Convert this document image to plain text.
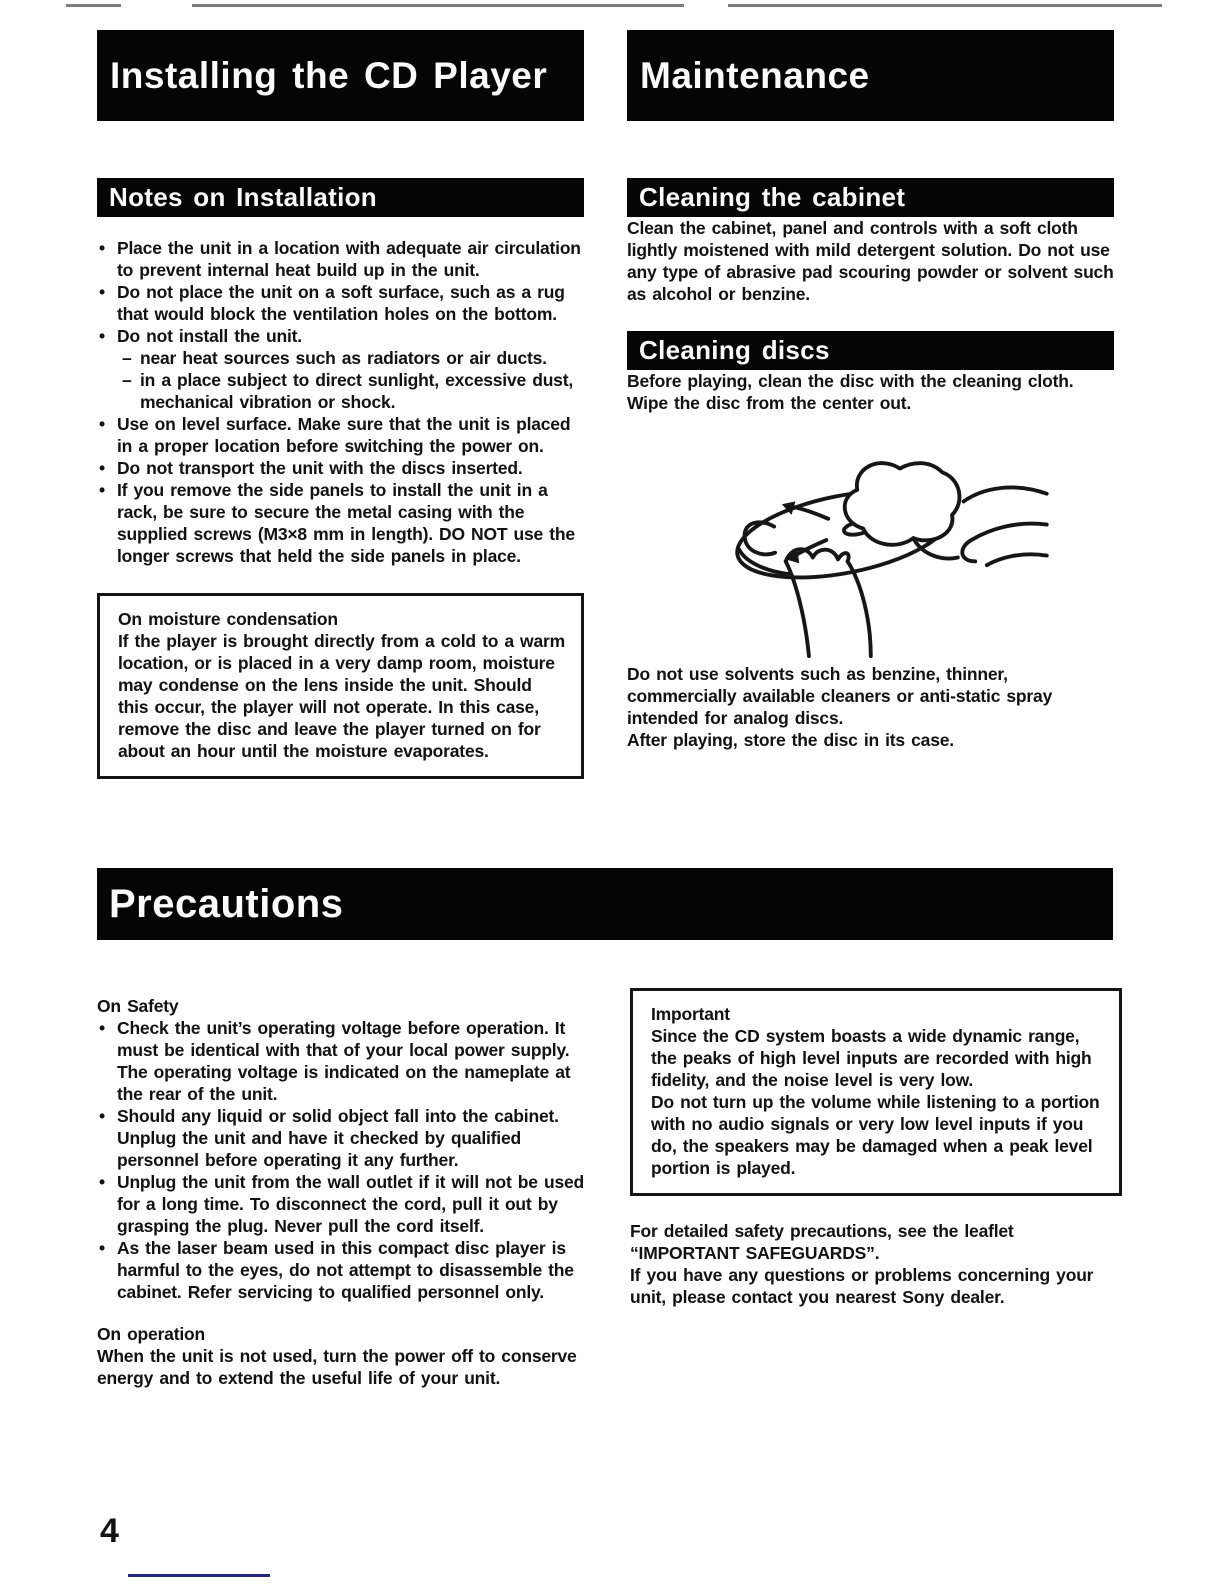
Installing the CD Player
Notes on Installation
• Place the unit in a location with adequate air circulation to prevent internal heat build up in the unit.
• Do not place the unit on a soft surface, such as a rug that would block the ventilation holes on the bottom.
• Do not install the unit.
– near heat sources such as radiators or air ducts.
– in a place subject to direct sunlight, excessive dust, mechanical vibration or shock.
• Use on level surface. Make sure that the unit is placed in a proper location before switching the power on.
• Do not transport the unit with the discs inserted.
• If you remove the side panels to install the unit in a rack, be sure to secure the metal casing with the supplied screws (M3×8 mm in length). DO NOT use the longer screws that held the side panels in place.
On moisture condensation
If the player is brought directly from a cold to a warm location, or is placed in a very damp room, moisture may condense on the lens inside the unit. Should this occur, the player will not operate. In this case, remove the disc and leave the player turned on for about an hour until the moisture evaporates.
Maintenance
Cleaning the cabinet

Clean the cabinet, panel and controls with a soft cloth lightly moistened with mild detergent solution. Do not use any type of abrasive pad scouring powder or solvent such as alcohol or benzine.

Cleaning discs

Before playing, clean the disc with the cleaning cloth. Wipe the disc from the center out.

Do not use solvents such as benzine, thinner, commercially available cleaners or anti-static spray intended for analog discs.

After playing, store the disc in its case.

Precautions
On Safety
• Check the unit’s operating voltage before operation. It must be identical with that of your local power supply. The operating voltage is indicated on the nameplate at the rear of the unit.
• Should any liquid or solid object fall into the cabinet. Unplug the unit and have it checked by qualified personnel before operating it any further.
• Unplug the unit from the wall outlet if it will not be used for a long time. To disconnect the cord, pull it out by grasping the plug. Never pull the cord itself.
• As the laser beam used in this compact disc player is harmful to the eyes, do not attempt to disassemble the cabinet. Refer servicing to qualified personnel only.
On operation

When the unit is not used, turn the power off to conserve energy and to extend the useful life of your unit.

Important
Since the CD system boasts a wide dynamic range, the peaks of high level inputs are recorded with high fidelity, and the noise level is very low.
Do not turn up the volume while listening to a portion with no audio signals or very low level inputs if you do, the speakers may be damaged when a peak level portion is played.

For detailed safety precautions, see the leaflet “IMPORTANT SAFEGUARDS”.

If you have any questions or problems concerning your unit, please contact you nearest Sony dealer.

4
